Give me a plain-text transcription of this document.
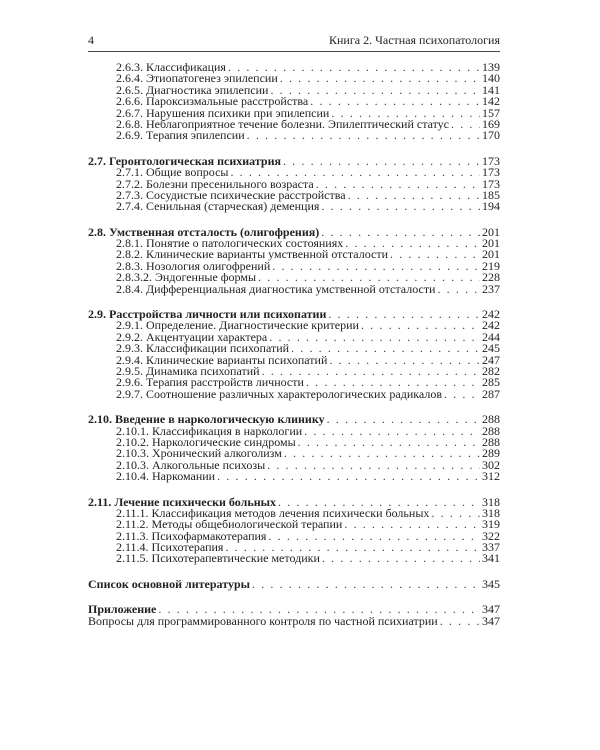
4	Книга 2. Частная психопатология
2.6.3. Классификация . . .	139
2.6.4. Этиопатогенез эпилепсии . . .	140
2.6.5. Диагностика эпилепсии . . .	141
2.6.6. Пароксизмальные расстройства . . .	142
2.6.7. Нарушения психики при эпилепсии . . .	157
2.6.8. Неблагоприятное течение болезни. Эпилептический статус . . .	169
2.6.9. Терапия эпилепсии . . .	170
2.7. Геронтологическая психиатрия . . .	173
2.7.1. Общие вопросы . . .	173
2.7.2. Болезни пресенильного возраста . . .	173
2.7.3. Сосудистые психические расстройства . . .	185
2.7.4. Сенильная (старческая) деменция . . .	194
2.8. Умственная отсталость (олигофрения) . . .	201
2.8.1. Понятие о патологических состояниях . . .	201
2.8.2. Клинические варианты умственной отсталости . . .	201
2.8.3. Нозология олигофрений . . .	219
2.8.3.2. Эндогенные формы . . .	228
2.8.4. Дифференциальная диагностика умственной отсталости . . .	237
2.9. Расстройства личности или психопатии . . .	242
2.9.1. Определение. Диагностические критерии . . .	242
2.9.2. Акцентуации характера . . .	244
2.9.3. Классификации психопатий . . .	245
2.9.4. Клинические варианты психопатий . . .	247
2.9.5. Динамика психопатий . . .	282
2.9.6. Терапия расстройств личности . . .	285
2.9.7. Соотношение различных характерологических радикалов . . .	287
2.10. Введение в наркологическую клинику . . .	288
2.10.1. Классификация в наркологии . . .	288
2.10.2. Наркологические синдромы . . .	288
2.10.3. Хронический алкоголизм . . .	289
2.10.3. Алкогольные психозы . . .	302
2.10.4. Наркомании . . .	312
2.11. Лечение психически больных . . .	318
2.11.1. Классификация методов лечения психически больных . . .	318
2.11.2. Методы общебиологической терапии . . .	319
2.11.3. Психофармакотерапия . . .	322
2.11.4. Психотерапия . . .	337
2.11.5. Психотерапевтические методики . . .	341
Список основной литературы . . .	345
Приложение . . .	347
Вопросы для программированного контроля по частной психиатрии . . .	347
